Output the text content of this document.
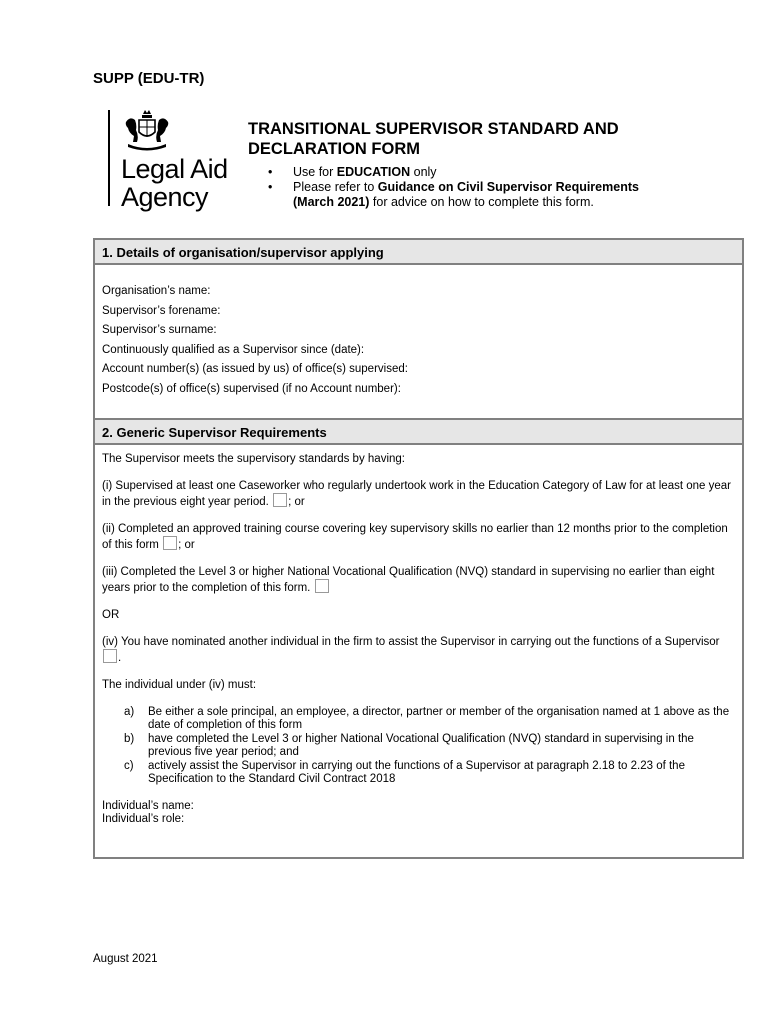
SUPP (EDU-TR)
Legal Aid
Agency
TRANSITIONAL SUPERVISOR STANDARD AND
DECLARATION FORM
• Use for EDUCATION only
• Please refer to Guidance on Civil Supervisor Requirements
(March 2021) for advice on how to complete this form.
1. Details of organisation/supervisor applying
Organisation’s name:
Supervisor’s forename:
Supervisor’s surname:
Continuously qualified as a Supervisor since (date):
Account number(s) (as issued by us) of office(s) supervised:
Postcode(s) of office(s) supervised (if no Account number):
2. Generic Supervisor Requirements

The Supervisor meets the supervisory standards by having:

(i) Supervised at least one Caseworker who regularly undertook work in the Education Category of Law for at least one year in the previous eight year period. ; or

(ii) Completed an approved training course covering key supervisory skills no earlier than 12 months prior to the completion of this form ; or

(iii) Completed the Level 3 or higher National Vocational Qualification (NVQ) standard in supervising no earlier than eight years prior to the completion of this form.

OR

(iv) You have nominated another individual in the firm to assist the Supervisor in carrying out the functions of a Supervisor .

The individual under (iv) must:

a) Be either a sole principal, an employee, a director, partner or member of the organisation named at 1 above as the date of completion of this form
b) have completed the Level 3 or higher National Vocational Qualification (NVQ) standard in supervising in the previous five year period; and
c) actively assist the Supervisor in carrying out the functions of a Supervisor at paragraph 2.18 to 2.23 of the Specification to the Standard Civil Contract 2018
Individual’s name:
Individual’s role:
August 2021
